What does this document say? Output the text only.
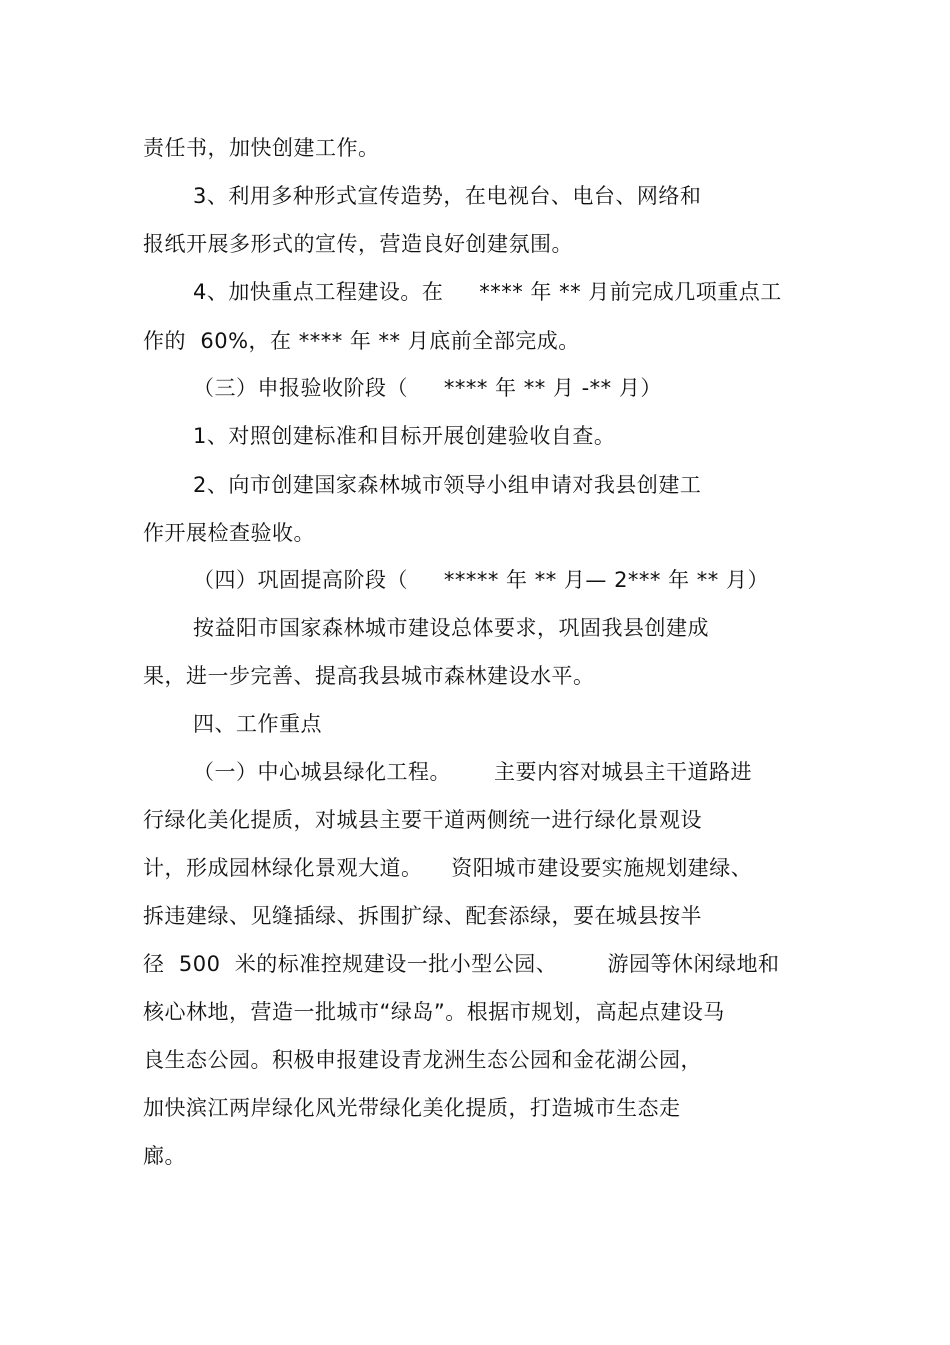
责任书，加快创建工作。
3、利用多种形式宣传造势，在电视台、电台、网络和
报纸开展多形式的宣传，营造良好创建氛围。
4、加快重点工程建设。在     **** 年 ** 月前完成几项重点工
作的  60%，在 **** 年 ** 月底前全部完成。
（三）申报验收阶段（     **** 年 ** 月 -** 月）
1、对照创建标准和目标开展创建验收自查。
2、向市创建国家森林城市领导小组申请对我县创建工
作开展检查验收。
（四）巩固提高阶段（     ***** 年 ** 月— 2*** 年 ** 月）
按益阳市国家森林城市建设总体要求，巩固我县创建成
果，进一步完善、提高我县城市森林建设水平。
四、工作重点
（一）中心城县绿化工程。      主要内容对城县主干道路进
行绿化美化提质，对城县主要干道两侧统一进行绿化景观设
计，形成园林绿化景观大道。    资阳城市建设要实施规划建绿、
拆违建绿、见缝插绿、拆围扩绿、配套添绿，要在城县按半
径  500  米的标准控规建设一批小型公园、       游园等休闲绿地和
核心林地，营造一批城市“绿岛”。根据市规划，高起点建设马
良生态公园。积极申报建设青龙洲生态公园和金花湖公园，
加快滨江两岸绿化风光带绿化美化提质，打造城市生态走
廊。
